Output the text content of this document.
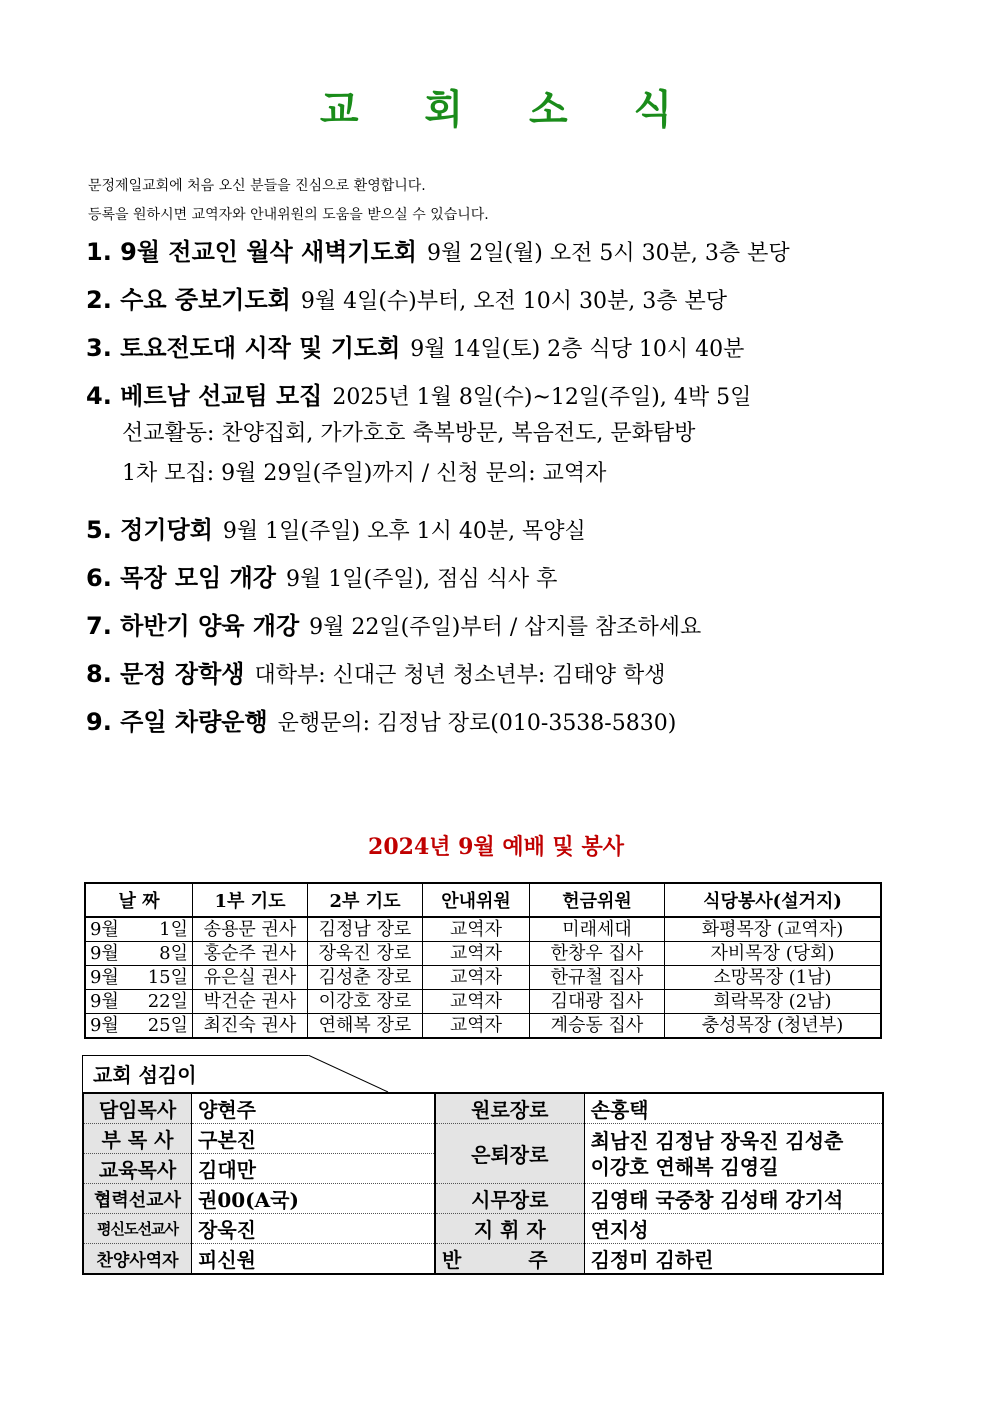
교 회 소 식
문정제일교회에 처음 오신 분들을 진심으로 환영합니다.
등록을 원하시면 교역자와 안내위원의 도움을 받으실 수 있습니다.
1. 9월 전교인 월삭 새벽기도회 9월 2일(월) 오전 5시 30분, 3층 본당
2. 수요 중보기도회 9월 4일(수)부터, 오전 10시 30분, 3층 본당
3. 토요전도대 시작 및 기도회 9월 14일(토) 2층 식당 10시 40분
4. 베트남 선교팀 모집 2025년 1월 8일(수)~12일(주일), 4박 5일
선교활동: 찬양집회, 가가호호 축복방문, 복음전도, 문화탐방
1차 모집: 9월 29일(주일)까지 / 신청 문의: 교역자
5. 정기당회 9월 1일(주일) 오후 1시 40분, 목양실
6. 목장 모임 개강 9월 1일(주일), 점심 식사 후
7. 하반기 양육 개강 9월 22일(주일)부터 / 삽지를 참조하세요
8. 문정 장학생 대학부: 신대근 청년 청소년부: 김태양 학생
9. 주일 차량운행 운행문의: 김정남 장로(010-3538-5830)
2024년 9월 예배 및 봉사
날 짜	1부 기도	2부 기도	안내위원	헌금위원	식당봉사(설거지)

9월 1일	송용문 권사	김정남 장로	교역자	미래세대	화평목장 (교역자)

9월 8일	홍순주 권사	장욱진 장로	교역자	한창우 집사	자비목장 (당회)

9월 15일	유은실 권사	김성춘 장로	교역자	한규철 집사	소망목장 (1남)

9월 22일	박건순 권사	이강호 장로	교역자	김대광 집사	희락목장 (2남)

9월 25일	최진숙 권사	연해복 장로	교역자	계승동 집사	충성목장 (청년부)
교회 섬김이
담임목사	양현주	원로장로	손홍택
부 목 사	구본진	은퇴장로	최남진 김정남 장욱진 김성춘
이강호 연해복 김영길

교육목사	김대만		
협력선교사	권00(A국)	시무장로	김영태 국중창 김성태 강기석
평신도선교사	장욱진	지 휘 자	연지성
찬양사역자	피신원	반 주	김정미 김하린
